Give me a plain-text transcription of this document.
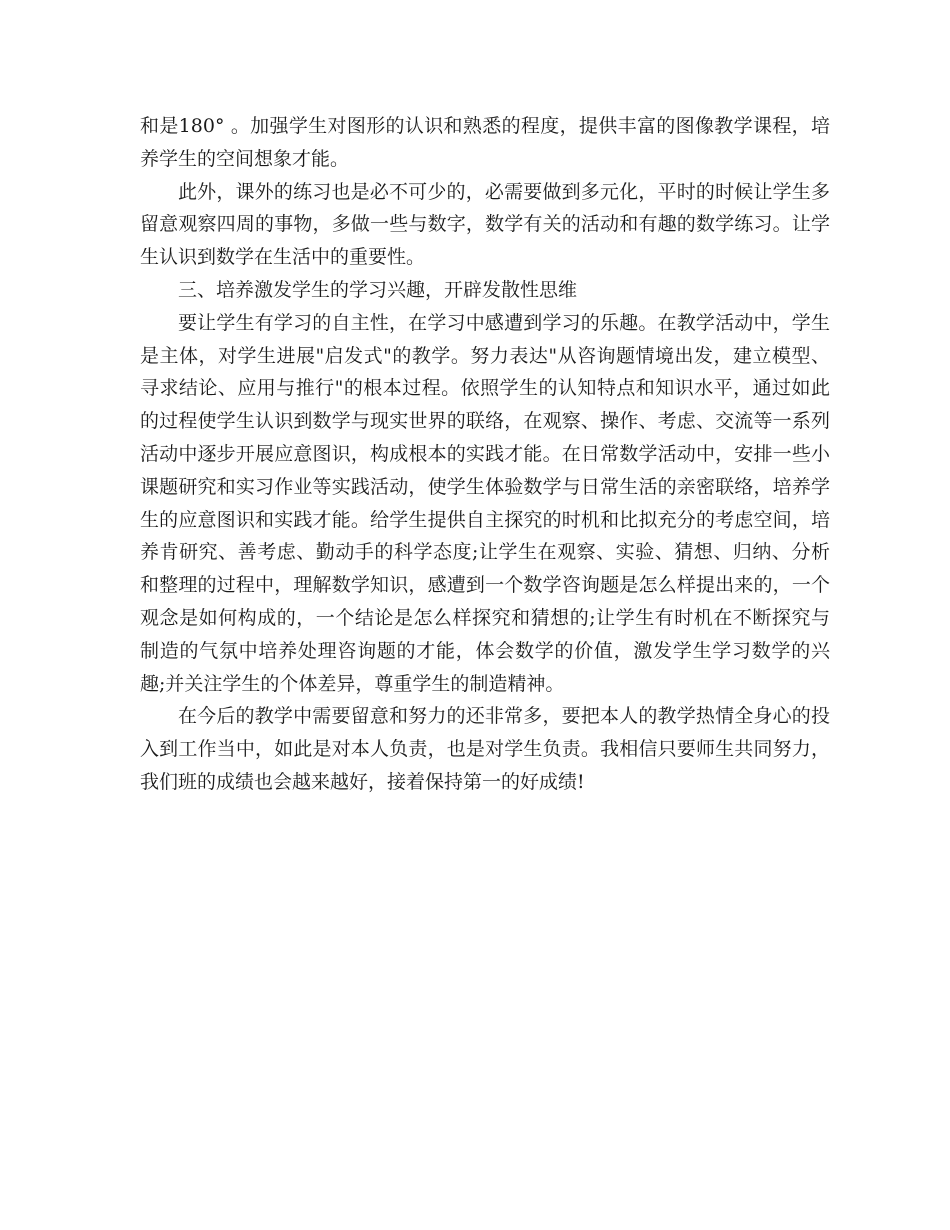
和是180° 。加强学生对图形的认识和熟悉的程度，提供丰富的图像教学课程，培养学生的空间想象才能。

此外，课外的练习也是必不可少的，必需要做到多元化，平时的时候让学生多留意观察四周的事物，多做一些与数字，数学有关的活动和有趣的数学练习。让学生认识到数学在生活中的重要性。

三、培养激发学生的学习兴趣，开辟发散性思维

要让学生有学习的自主性，在学习中感遭到学习的乐趣。在教学活动中，学生是主体，对学生进展"启发式"的教学。努力表达"从咨询题情境出发，建立模型、寻求结论、应用与推行"的根本过程。依照学生的认知特点和知识水平，通过如此的过程使学生认识到数学与现实世界的联络，在观察、操作、考虑、交流等一系列活动中逐步开展应意图识，构成根本的实践才能。在日常数学活动中，安排一些小课题研究和实习作业等实践活动，使学生体验数学与日常生活的亲密联络，培养学生的应意图识和实践才能。给学生提供自主探究的时机和比拟充分的考虑空间，培养肯研究、善考虑、勤动手的科学态度;让学生在观察、实验、猜想、归纳、分析和整理的过程中，理解数学知识，感遭到一个数学咨询题是怎么样提出来的，一个观念是如何构成的，一个结论是怎么样探究和猜想的;让学生有时机在不断探究与制造的气氛中培养处理咨询题的才能，体会数学的价值，激发学生学习数学的兴趣;并关注学生的个体差异，尊重学生的制造精神。

在今后的教学中需要留意和努力的还非常多，要把本人的教学热情全身心的投入到工作当中，如此是对本人负责，也是对学生负责。我相信只要师生共同努力，我们班的成绩也会越来越好，接着保持第一的好成绩!
